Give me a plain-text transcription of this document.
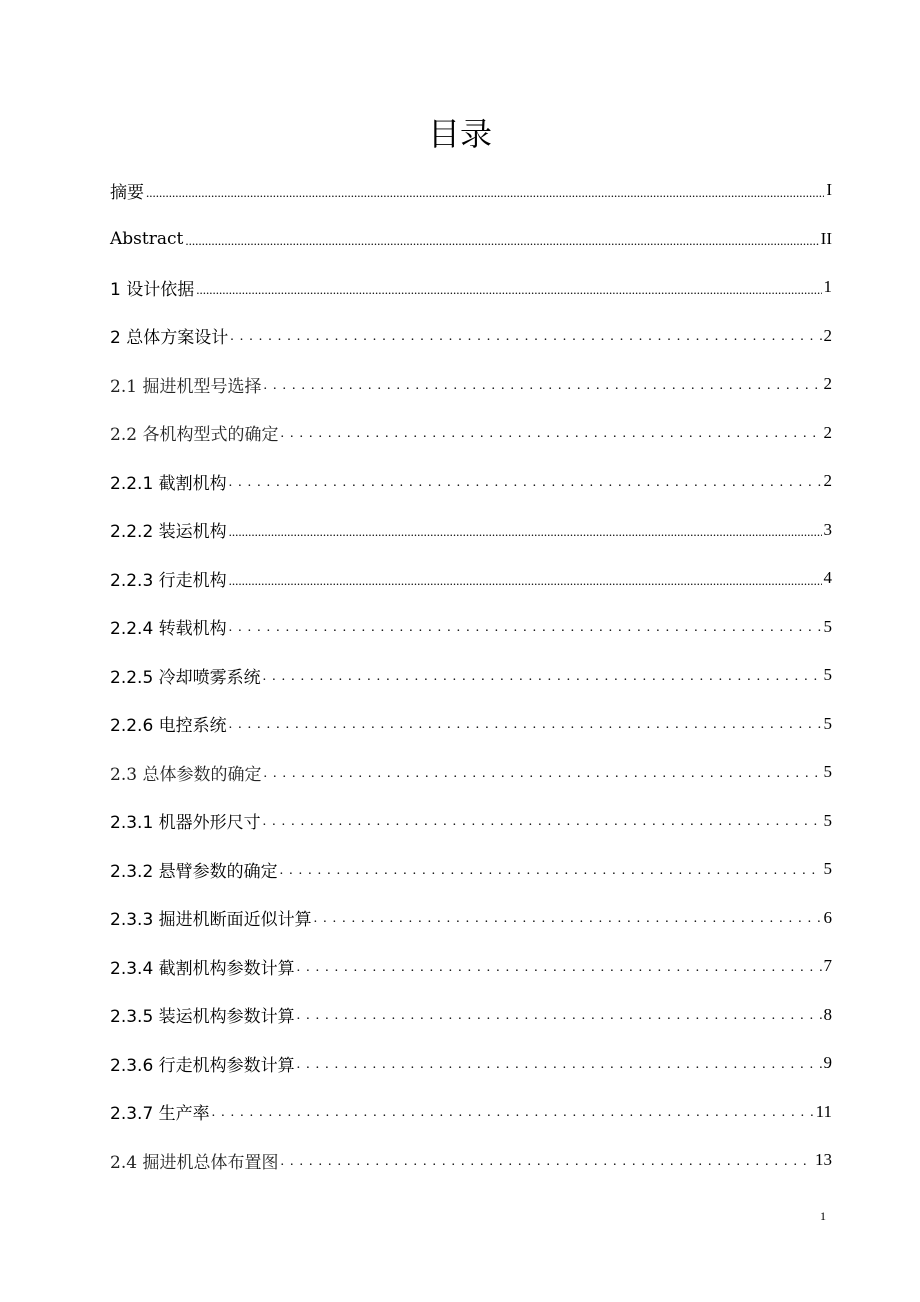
目录
摘要 .....	I
Abstract .....	II
1 设计依据 .....	1
2 总体方案设计 .....	2
2.1 掘进机型号选择 .....	2
2.2 各机构型式的确定 .....	2
2.2.1 截割机构 .....	2
2.2.2 装运机构 .....	3
2.2.3 行走机构 .....	4
2.2.4 转载机构 .....	5
2.2.5 冷却喷雾系统 .....	5
2.2.6 电控系统 .....	5
2.3 总体参数的确定 .....	5
2.3.1 机器外形尺寸 .....	5
2.3.2 悬臂参数的确定 .....	5
2.3.3 掘进机断面近似计算 .....	6
2.3.4 截割机构参数计算 .....	7
2.3.5 装运机构参数计算 .....	8
2.3.6 行走机构参数计算 .....	9
2.3.7 生产率 .....	11
2.4 掘进机总体布置图 .....	13

1
